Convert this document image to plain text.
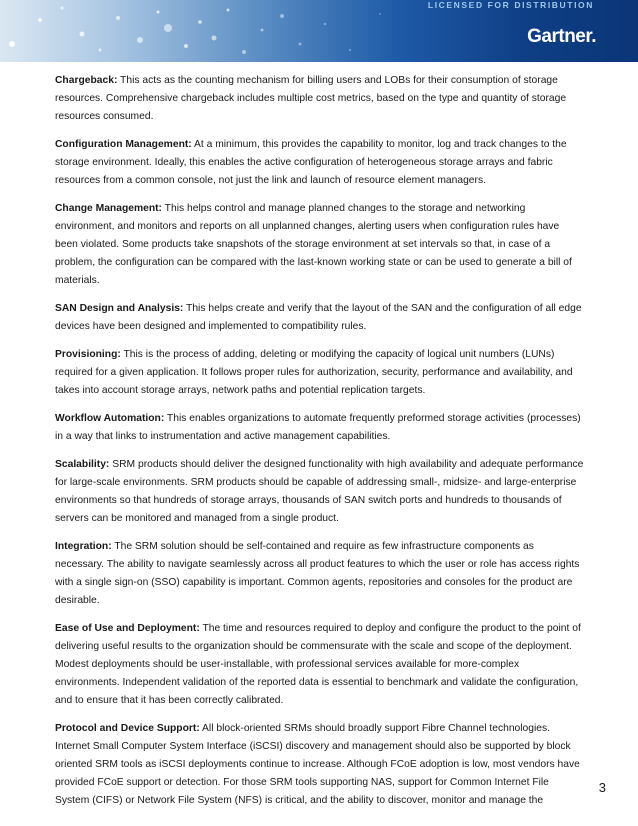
LICENSED FOR DISTRIBUTION
Gartner.

Chargeback: This acts as the counting mechanism for billing users and LOBs for their consumption of storage resources. Comprehensive chargeback includes multiple cost metrics, based on the type and quantity of storage resources consumed.

Configuration Management: At a minimum, this provides the capability to monitor, log and track changes to the storage environment. Ideally, this enables the active configuration of heterogeneous storage arrays and fabric resources from a common console, not just the link and launch of resource element managers.

Change Management: This helps control and manage planned changes to the storage and networking environment, and monitors and reports on all unplanned changes, alerting users when configuration rules have been violated. Some products take snapshots of the storage environment at set intervals so that, in case of a problem, the configuration can be compared with the last-known working state or can be used to generate a bill of materials.

SAN Design and Analysis: This helps create and verify that the layout of the SAN and the configuration of all edge devices have been designed and implemented to compatibility rules.

Provisioning: This is the process of adding, deleting or modifying the capacity of logical unit numbers (LUNs) required for a given application. It follows proper rules for authorization, security, performance and availability, and takes into account storage arrays, network paths and potential replication targets.

Workflow Automation: This enables organizations to automate frequently preformed storage activities (processes) in a way that links to instrumentation and active management capabilities.

Scalability: SRM products should deliver the designed functionality with high availability and adequate performance for large-scale environments. SRM products should be capable of addressing small-, midsize- and large-enterprise environments so that hundreds of storage arrays, thousands of SAN switch ports and hundreds to thousands of servers can be monitored and managed from a single product.

Integration: The SRM solution should be self-contained and require as few infrastructure components as necessary. The ability to navigate seamlessly across all product features to which the user or role has access rights with a single sign-on (SSO) capability is important. Common agents, repositories and consoles for the product are desirable.

Ease of Use and Deployment: The time and resources required to deploy and configure the product to the point of delivering useful results to the organization should be commensurate with the scale and scope of the deployment. Modest deployments should be user-installable, with professional services available for more-complex environments. Independent validation of the reported data is essential to benchmark and validate the configuration, and to ensure that it has been correctly calibrated.

Protocol and Device Support: All block-oriented SRMs should broadly support Fibre Channel technologies. Internet Small Computer System Interface (iSCSI) discovery and management should also be supported by block oriented SRM tools as iSCSI deployments continue to increase. Although FCoE adoption is low, most vendors have provided FCoE support or detection. For those SRM tools supporting NAS, support for Common Internet File System (CIFS) or Network File System (NFS) is critical, and the ability to discover, monitor and manage the

3
